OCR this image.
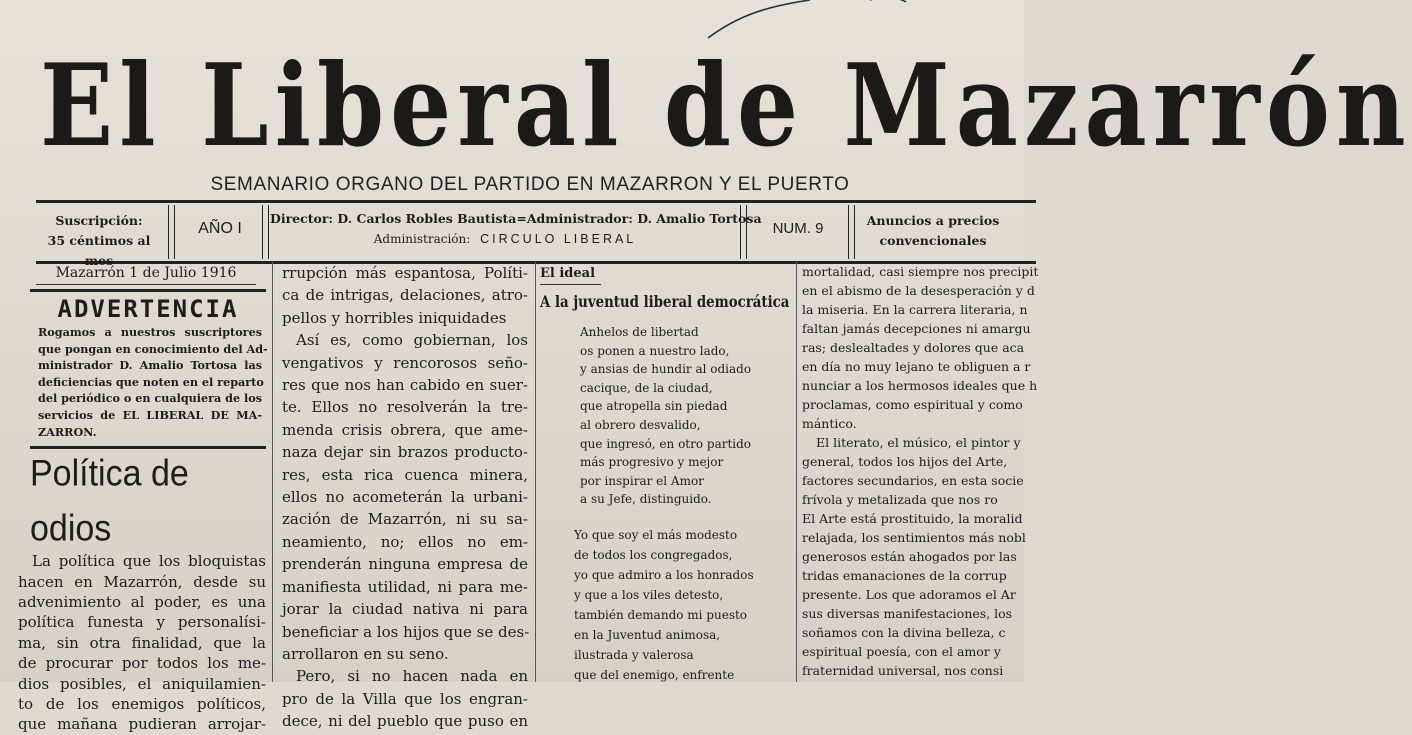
El Liberal de Mazarrón
SEMANARIO ORGANO DEL PARTIDO EN MAZARRON Y EL PUERTO
Suscripción:
35 céntimos al mes
AÑO I
Director: D. Carlos Robles Bautista=Administrador: D. Amalio Tortosa
Administración: CIRCULO LIBERAL
NUM. 9	Anuncios a precios
convencionales
Mazarrón 1 de Julio 1916
ADVERTENCIA

Rogamos a nuestros suscriptores

que pongan en conocimiento del Ad-

ministrador D. Amalio Tortosa las

deficiencias que noten en el reparto

del periódico o en cualquiera de los

servicios de EL LIBERAL DE MA-

ZARRON.

Política de odios

La política que los bloquistas

hacen en Mazarrón, desde su

advenimiento al poder, es una

política funesta y personalísi-

ma, sin otra finalidad, que la

de procurar por todos los me-

dios posibles, el aniquilamien-

to de los enemigos políticos,

que mañana pudieran arrojar-

rrupción más espantosa, Políti-

ca de intrigas, delaciones, atro-

pellos y horribles iniquidades

Así es, como gobiernan, los

vengativos y rencorosos seño-

res que nos han cabido en suer-

te. Ellos no resolverán la tre-

menda crisis obrera, que ame-

naza dejar sin brazos producto-

res, esta rica cuenca minera,

ellos no acometerán la urbani-

zación de Mazarrón, ni su sa-

neamiento, no; ellos no em-

prenderán ninguna empresa de

manifiesta utilidad, ni para me-

jorar la ciudad nativa ni para

beneficiar a los hijos que se des-

arrollaron en su seno.

Pero, si no hacen nada en

pro de la Villa que los engran-

dece, ni del pueblo que puso en

El ideal
A la juventud liberal democrática

Anhelos de libertad

os ponen a nuestro lado,

y ansias de hundir al odiado

cacique, de la ciudad,

que atropella sin piedad

al obrero desvalido,

que ingresó, en otro partido

más progresivo y mejor

por inspirar el Amor

a su Jefe, distinguido.

Yo que soy el más modesto

de todos los congregados,

yo que admiro a los honrados

y que a los viles detesto,

también demando mi puesto

en la Juventud animosa,

ilustrada y valerosa

que del enemigo, enfrente

mortalidad, casi siempre nos precipit

en el abismo de la desesperación y d

la miseria. En la carrera literaria, n

faltan jamás decepciones ni amargu

ras; deslealtades y dolores que aca

en día no muy lejano te obliguen a r

nunciar a los hermosos ideales que h

proclamas, como espiritual y como

mántico.

El literato, el músico, el pintor y

general, todos los hijos del Arte,

factores secundarios, en esta socie

frívola y metalizada que nos ro

El Arte está prostituido, la moralid

relajada, los sentimientos más nobl

generosos están ahogados por las

tridas emanaciones de la corrup

presente. Los que adoramos el Ar

sus diversas manifestaciones, los

soñamos con la divina belleza, c

espiritual poesía, con el amor y

fraternidad universal, nos consi
